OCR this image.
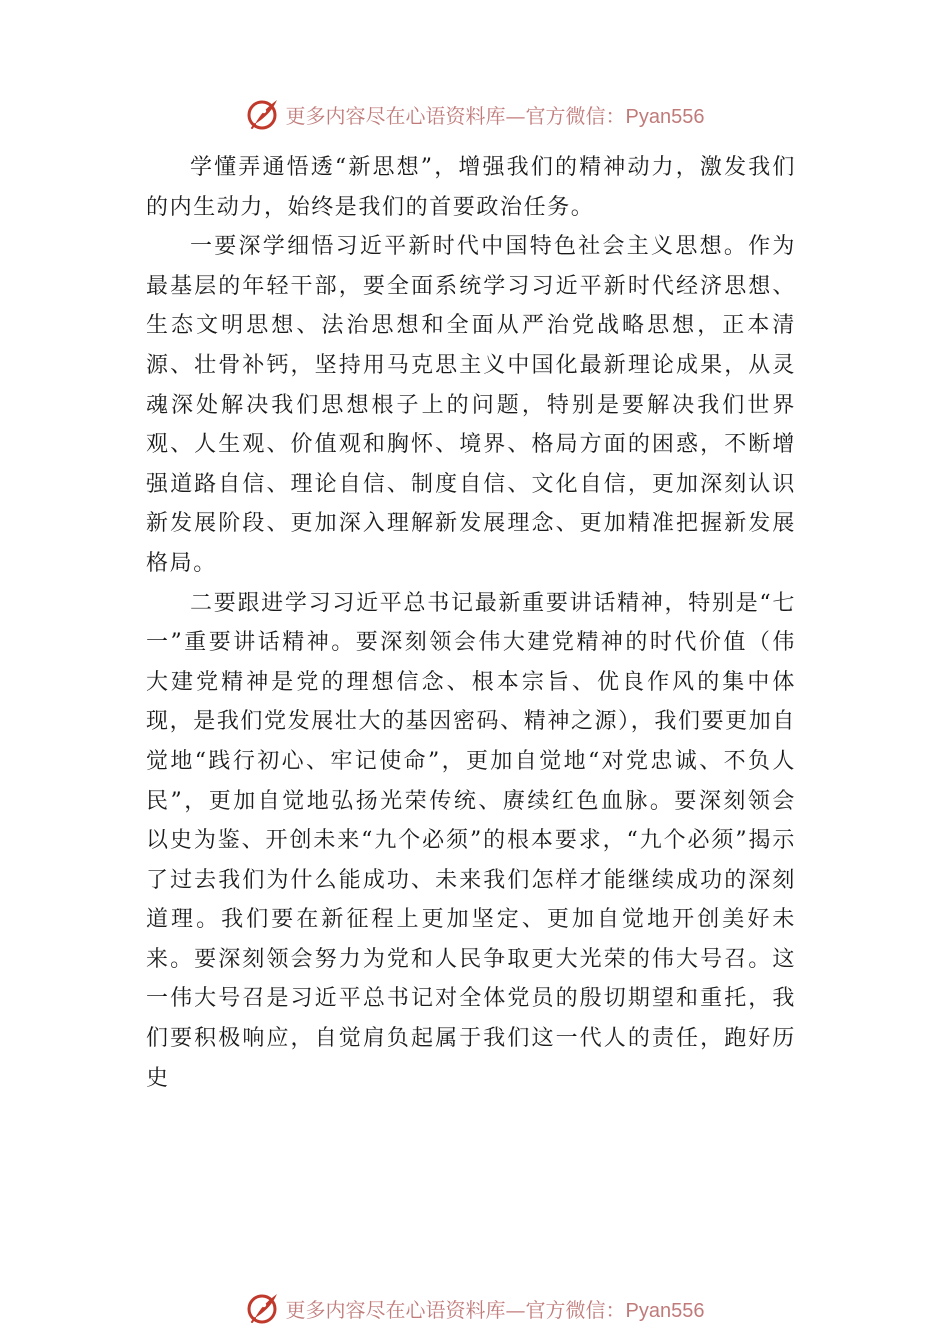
更多内容尽在心语资料库—官方微信：Pyan556

学懂弄通悟透“新思想”，增强我们的精神动力，激发我们的内生动力，始终是我们的首要政治任务。

一要深学细悟习近平新时代中国特色社会主义思想。作为最基层的年轻干部，要全面系统学习习近平新时代经济思想、生态文明思想、法治思想和全面从严治党战略思想，正本清源、壮骨补钙，坚持用马克思主义中国化最新理论成果，从灵魂深处解决我们思想根子上的问题，特别是要解决我们世界观、人生观、价值观和胸怀、境界、格局方面的困惑，不断增强道路自信、理论自信、制度自信、文化自信，更加深刻认识新发展阶段、更加深入理解新发展理念、更加精准把握新发展格局。

二要跟进学习习近平总书记最新重要讲话精神，特别是“七一”重要讲话精神。要深刻领会伟大建党精神的时代价值（伟大建党精神是党的理想信念、根本宗旨、优良作风的集中体现，是我们党发展壮大的基因密码、精神之源），我们要更加自觉地“践行初心、牢记使命”，更加自觉地“对党忠诚、不负人民”，更加自觉地弘扬光荣传统、赓续红色血脉。要深刻领会以史为鉴、开创未来“九个必须”的根本要求，“九个必须”揭示了过去我们为什么能成功、未来我们怎样才能继续成功的深刻道理。我们要在新征程上更加坚定、更加自觉地开创美好未来。要深刻领会努力为党和人民争取更大光荣的伟大号召。这一伟大号召是习近平总书记对全体党员的殷切期望和重托，我们要积极响应，自觉肩负起属于我们这一代人的责任，跑好历史

更多内容尽在心语资料库—官方微信：Pyan556
